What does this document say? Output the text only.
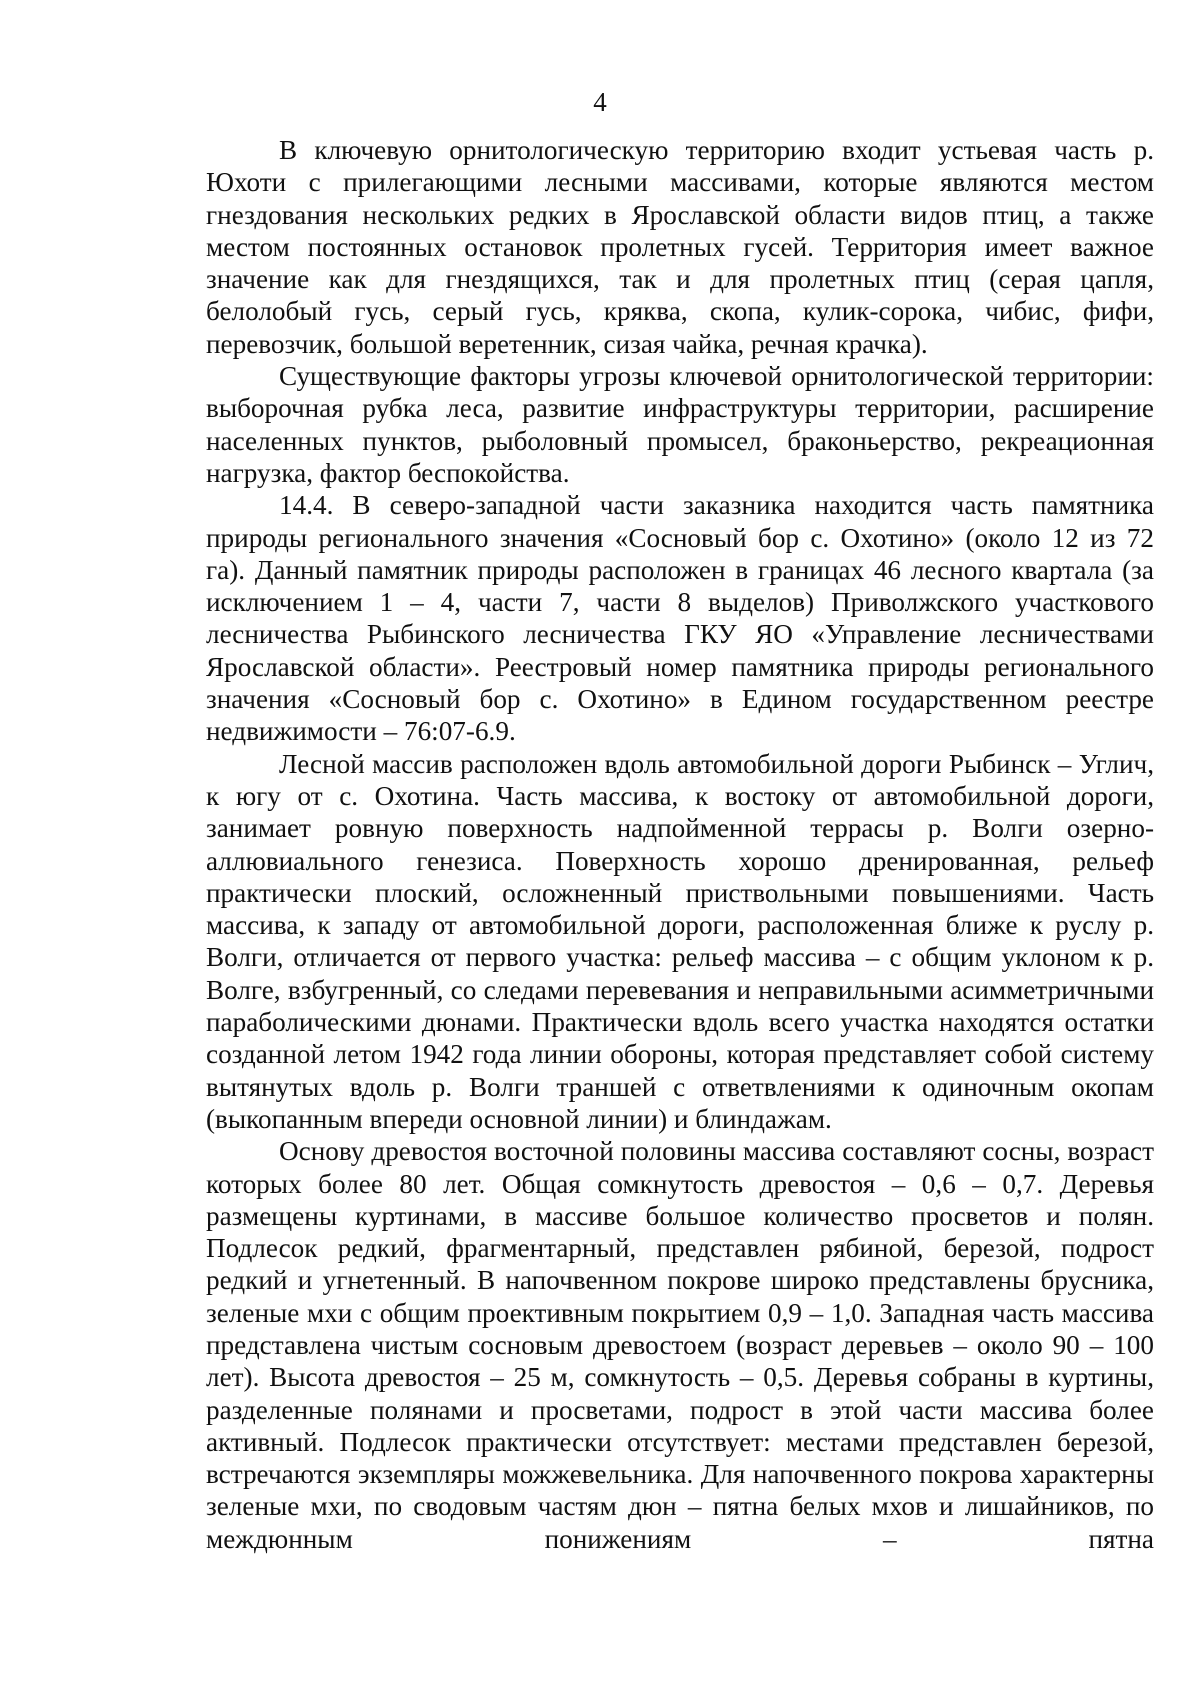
4

В ключевую орнитологическую территорию входит устьевая часть р. Юхоти с прилегающими лесными массивами, которые являются местом гнездования нескольких редких в Ярославской области видов птиц, а также местом постоянных остановок пролетных гусей. Территория имеет важное значение как для гнездящихся, так и для пролетных птиц (серая цапля, белолобый гусь, серый гусь, кряква, скопа, кулик-сорока, чибис, фифи, перевозчик, большой веретенник, сизая чайка, речная крачка).

Существующие факторы угрозы ключевой орнитологической территории: выборочная рубка леса, развитие инфраструктуры территории, расширение населенных пунктов, рыболовный промысел, браконьерство, рекреационная нагрузка, фактор беспокойства.

14.4. В северо-западной части заказника находится часть памятника природы регионального значения «Сосновый бор с. Охотино» (около 12 из 72 га). Данный памятник природы расположен в границах 46 лесного квартала (за исключением 1 – 4, части 7, части 8 выделов) Приволжского участкового лесничества Рыбинского лесничества ГКУ ЯО «Управление лесничествами Ярославской области». Реестровый номер памятника природы регионального значения «Сосновый бор с. Охотино» в Едином государственном реестре недвижимости – 76:07-6.9.

Лесной массив расположен вдоль автомобильной дороги Рыбинск – Углич, к югу от с. Охотина. Часть массива, к востоку от автомобильной дороги, занимает ровную поверхность надпойменной террасы р. Волги озерно-аллювиального генезиса. Поверхность хорошо дренированная, рельеф практически плоский, осложненный приствольными повышениями. Часть массива, к западу от автомобильной дороги, расположенная ближе к руслу р. Волги, отличается от первого участка: рельеф массива – с общим уклоном к р. Волге, взбугренный, со следами перевевания и неправильными асимметричными параболическими дюнами. Практически вдоль всего участка находятся остатки созданной летом 1942 года линии обороны, которая представляет собой систему вытянутых вдоль р. Волги траншей с ответвлениями к одиночным окопам (выкопанным впереди основной линии) и блиндажам.

Основу древостоя восточной половины массива составляют сосны, возраст которых более 80 лет. Общая сомкнутость древостоя – 0,6 – 0,7. Деревья размещены куртинами, в массиве большое количество просветов и полян. Подлесок редкий, фрагментарный, представлен рябиной, березой, подрост редкий и угнетенный. В напочвенном покрове широко представлены брусника, зеленые мхи с общим проективным покрытием 0,9 – 1,0. Западная часть массива представлена чистым сосновым древостоем (возраст деревьев – около 90 – 100 лет). Высота древостоя – 25 м, сомкнутость – 0,5. Деревья собраны в куртины, разделенные полянами и просветами, подрост в этой части массива более активный. Подлесок практически отсутствует: местами представлен березой, встречаются экземпляры можжевельника. Для напочвенного покрова характерны зеленые мхи, по сводовым частям дюн – пятна белых мхов и лишайников, по междюнным понижениям – пятна
